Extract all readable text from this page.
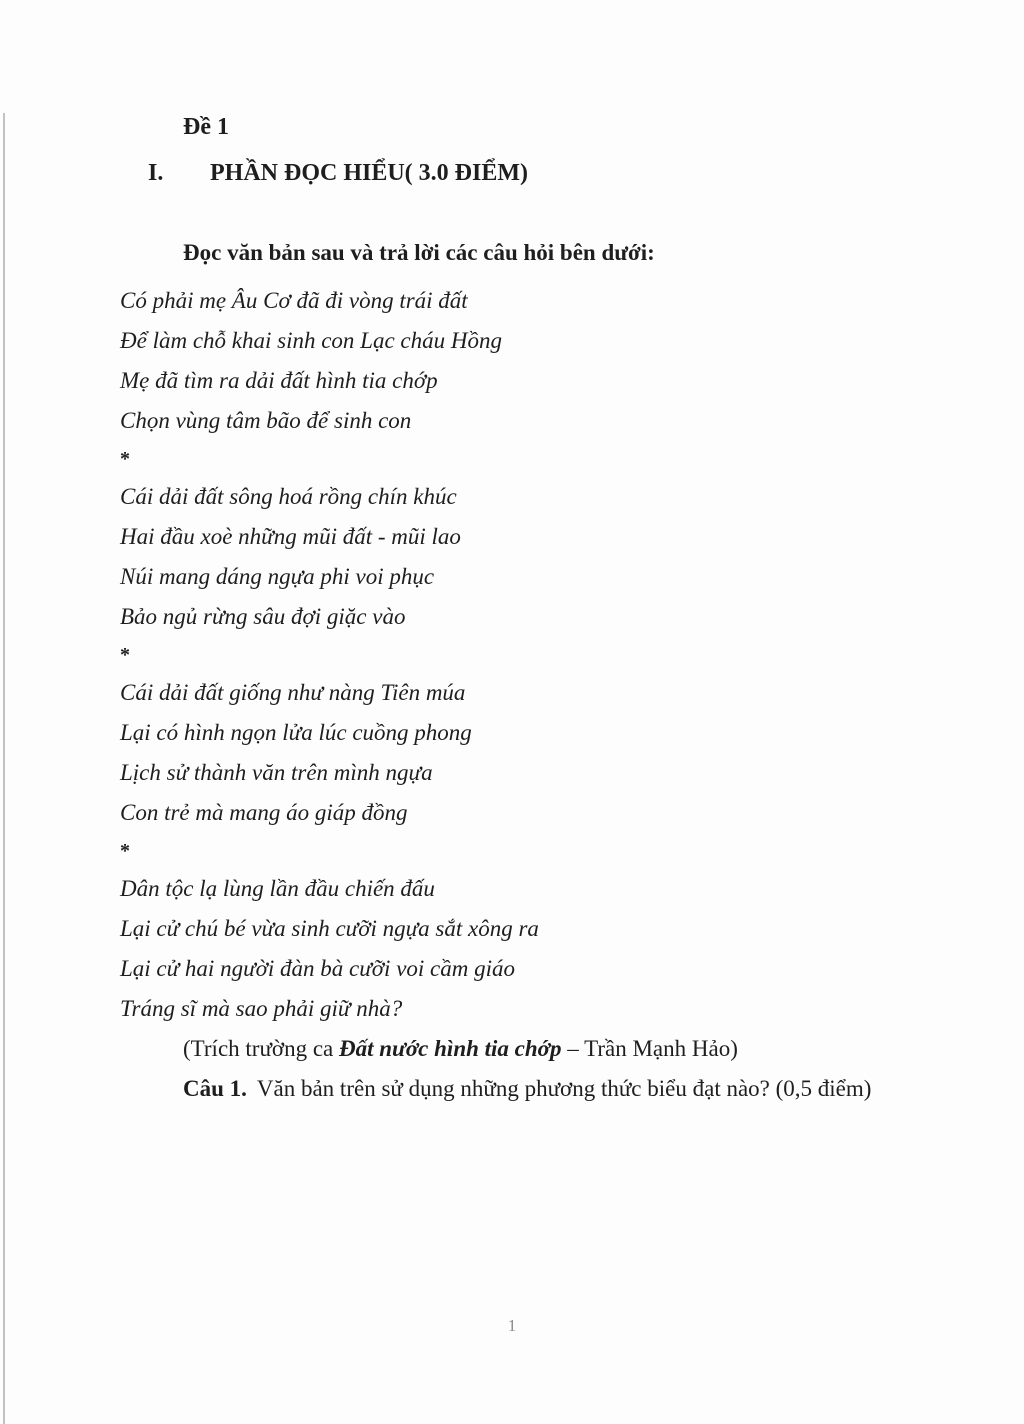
Đề 1
I.	PHẦN ĐỌC HIỂU( 3.0 ĐIỂM)
Đọc văn bản sau và trả lời các câu hỏi bên dưới:
Có phải mẹ Âu Cơ đã đi vòng trái đất
Để làm chỗ khai sinh con Lạc cháu Hồng
Mẹ đã tìm ra dải đất hình tia chớp
Chọn vùng tâm bão để sinh con
*
Cái dải đất sông hoá rồng chín khúc
Hai đầu xoè những mũi đất - mũi lao
Núi mang dáng ngựa phi voi phục
Bảo ngủ rừng sâu đợi giặc vào
*
Cái dải đất giống như nàng Tiên múa
Lại có hình ngọn lửa lúc cuồng phong
Lịch sử thành văn trên mình ngựa
Con trẻ mà mang áo giáp đồng
*
Dân tộc lạ lùng lần đầu chiến đấu
Lại cử chú bé vừa sinh cưỡi ngựa sắt xông ra
Lại cử hai người đàn bà cưỡi voi cầm giáo
Tráng sĩ mà sao phải giữ nhà?
(Trích trường ca Đất nước hình tia chớp – Trần Mạnh Hảo)
Câu 1. Văn bản trên sử dụng những phương thức biểu đạt nào? (0,5 điểm)
1
